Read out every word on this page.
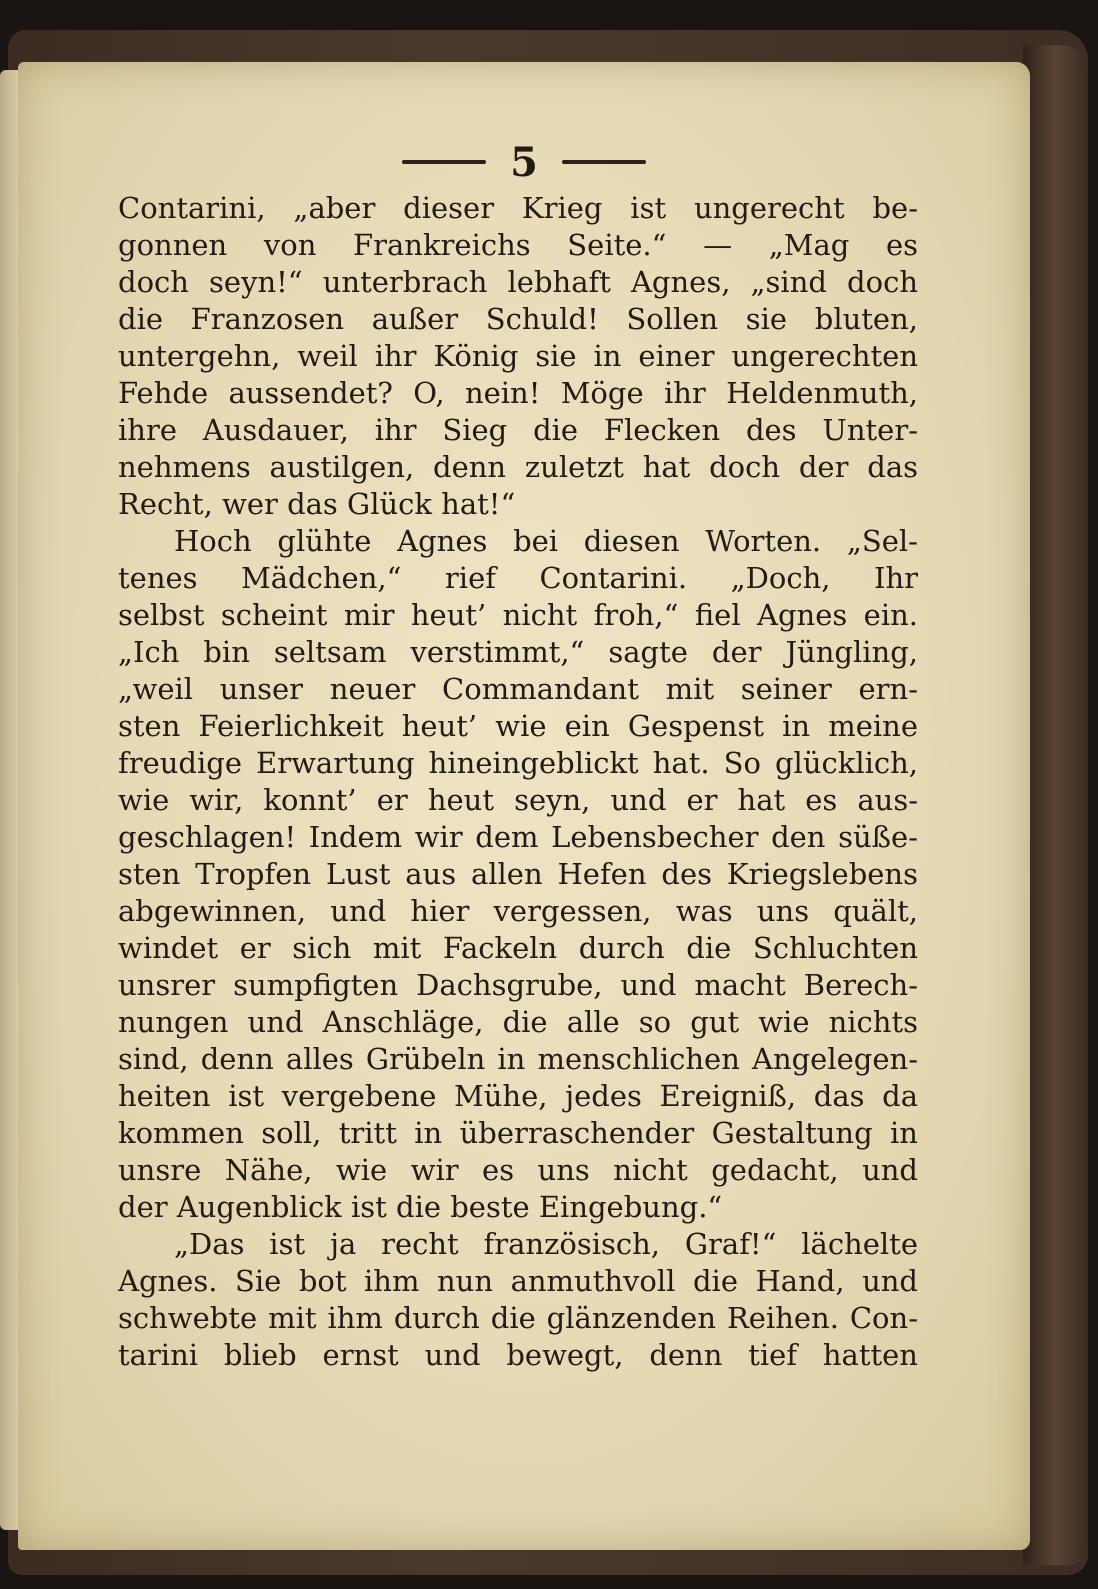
5
Contarini, „aber dieser Krieg ist ungerecht be-
gonnen von Frankreichs Seite.“ — „Mag es
doch seyn!“ unterbrach lebhaft Agnes, „sind doch
die Franzosen außer Schuld! Sollen sie bluten,
untergehn, weil ihr König sie in einer ungerechten
Fehde aussendet? O, nein! Möge ihr Heldenmuth,
ihre Ausdauer, ihr Sieg die Flecken des Unter-
nehmens austilgen, denn zuletzt hat doch der das
Recht, wer das Glück hat!“
Hoch glühte Agnes bei diesen Worten. „Sel-
tenes Mädchen,“ rief Contarini. „Doch, Ihr
selbst scheint mir heut’ nicht froh,“ fiel Agnes ein.
„Ich bin seltsam verstimmt,“ sagte der Jüngling,
„weil unser neuer Commandant mit seiner ern-
sten Feierlichkeit heut’ wie ein Gespenst in meine
freudige Erwartung hineingeblickt hat. So glücklich,
wie wir, konnt’ er heut seyn, und er hat es aus-
geschlagen! Indem wir dem Lebensbecher den süße-
sten Tropfen Lust aus allen Hefen des Kriegslebens
abgewinnen, und hier vergessen, was uns quält,
windet er sich mit Fackeln durch die Schluchten
unsrer sumpfigten Dachsgrube, und macht Berech-
nungen und Anschläge, die alle so gut wie nichts
sind, denn alles Grübeln in menschlichen Angelegen-
heiten ist vergebene Mühe, jedes Ereigniß, das da
kommen soll, tritt in überraschender Gestaltung in
unsre Nähe, wie wir es uns nicht gedacht, und
der Augenblick ist die beste Eingebung.“
„Das ist ja recht französisch, Graf!“ lächelte
Agnes. Sie bot ihm nun anmuthvoll die Hand, und
schwebte mit ihm durch die glänzenden Reihen. Con-
tarini blieb ernst und bewegt, denn tief hatten
